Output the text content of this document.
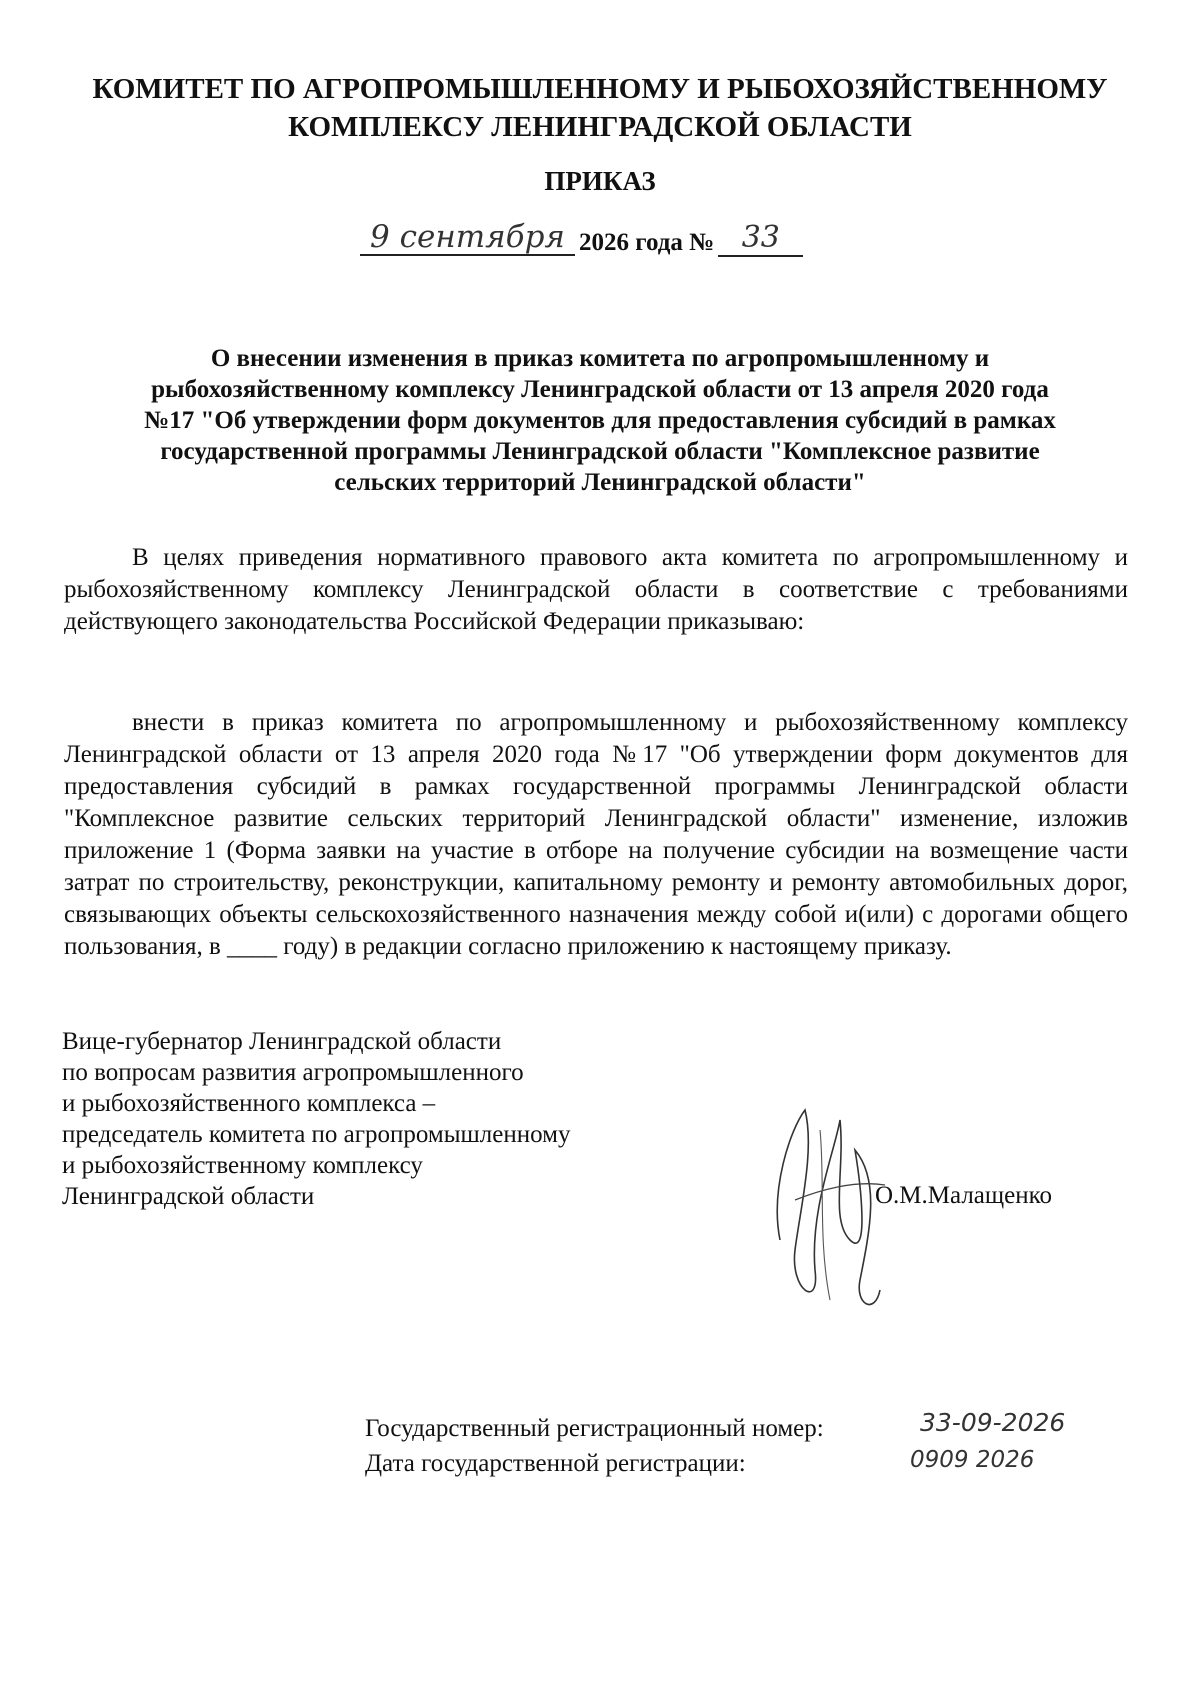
КОМИТЕТ ПО АГРОПРОМЫШЛЕННОМУ И РЫБОХОЗЯЙСТВЕННОМУ
КОМПЛЕКСУ ЛЕНИНГРАДСКОЙ ОБЛАСТИ
ПРИКАЗ
9 сентября 2026 года № 33
О внесении изменения в приказ комитета по агропромышленному и
рыбохозяйственному комплексу Ленинградской области от 13 апреля 2020 года
№17 "Об утверждении форм документов для предоставления субсидий в рамках
государственной программы Ленинградской области "Комплексное развитие
сельских территорий Ленинградской области"
В целях приведения нормативного правового акта комитета по агропромышленному и рыбохозяйственному комплексу Ленинградской области в соответствие с требованиями действующего законодательства Российской Федерации приказываю:
внести в приказ комитета по агропромышленному и рыбохозяйственному комплексу Ленинградской области от 13 апреля 2020 года №17 "Об утверждении форм документов для предоставления субсидий в рамках государственной программы Ленинградской области "Комплексное развитие сельских территорий Ленинградской области" изменение, изложив приложение 1 (Форма заявки на участие в отборе на получение субсидии на возмещение части затрат по строительству, реконструкции, капитальному ремонту и ремонту автомобильных дорог, связывающих объекты сельскохозяйственного назначения между собой и(или) с дорогами общего пользования, в ____ году) в редакции согласно приложению к настоящему приказу.
Вице-губернатор Ленинградской области
по вопросам развития агропромышленного
и рыбохозяйственного комплекса –
председатель комитета по агропромышленному
и рыбохозяйственному комплексу
Ленинградской области	О.М.Малащенко
Государственный регистрационный номер:	33-09-2026
Дата государственной регистрации:	0909 2026
